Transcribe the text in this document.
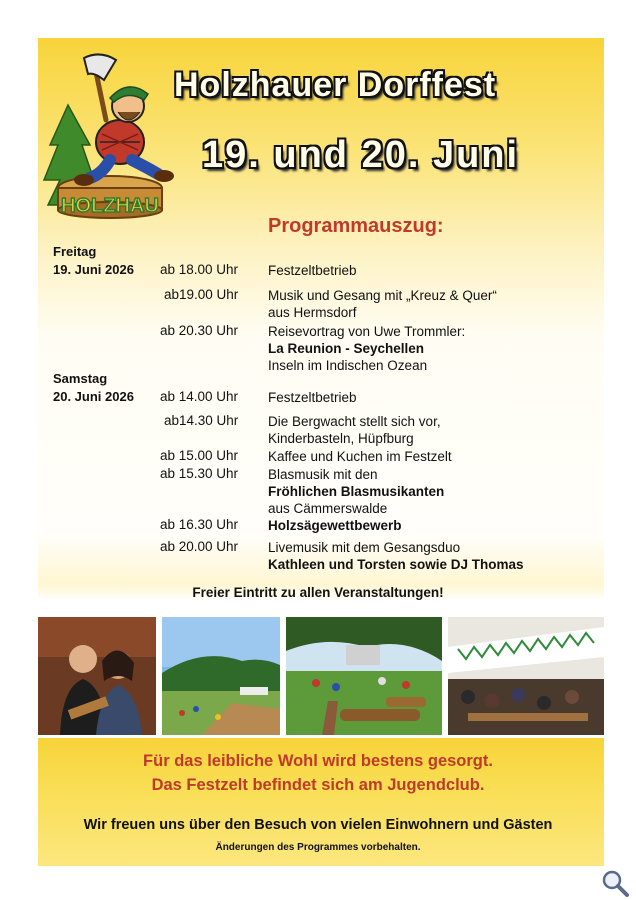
HOLZHAU
Holzhauer Dorffest
19. und 20. Juni
Programmauszug:
Freitag
19. Juni 2026 ab 18.00 Uhr Festzeltbetrieb
ab19.00 Uhr Musik und Gesang mit „Kreuz & Quer“
aus Hermsdorf
ab 20.30 Uhr Reisevortrag von Uwe Trommler:
La Reunion - Seychellen
Inseln im Indischen Ozean
Samstag
20. Juni 2026 ab 14.00 Uhr Festzeltbetrieb
ab14.30 Uhr Die Bergwacht stellt sich vor,
Kinderbasteln, Hüpfburg
ab 15.00 Uhr Kaffee und Kuchen im Festzelt
ab 15.30 Uhr Blasmusik mit den
Fröhlichen Blasmusikanten
aus Cämmerswalde
ab 16.30 Uhr Holzsägewettbewerb
ab 20.00 Uhr Livemusik mit dem Gesangsduo
Kathleen und Torsten sowie DJ Thomas
Freier Eintritt zu allen Veranstaltungen!
Für das leibliche Wohl wird bestens gesorgt.
Das Festzelt befindet sich am Jugendclub.
Wir freuen uns über den Besuch von vielen Einwohnern und Gästen
Änderungen des Programmes vorbehalten.
